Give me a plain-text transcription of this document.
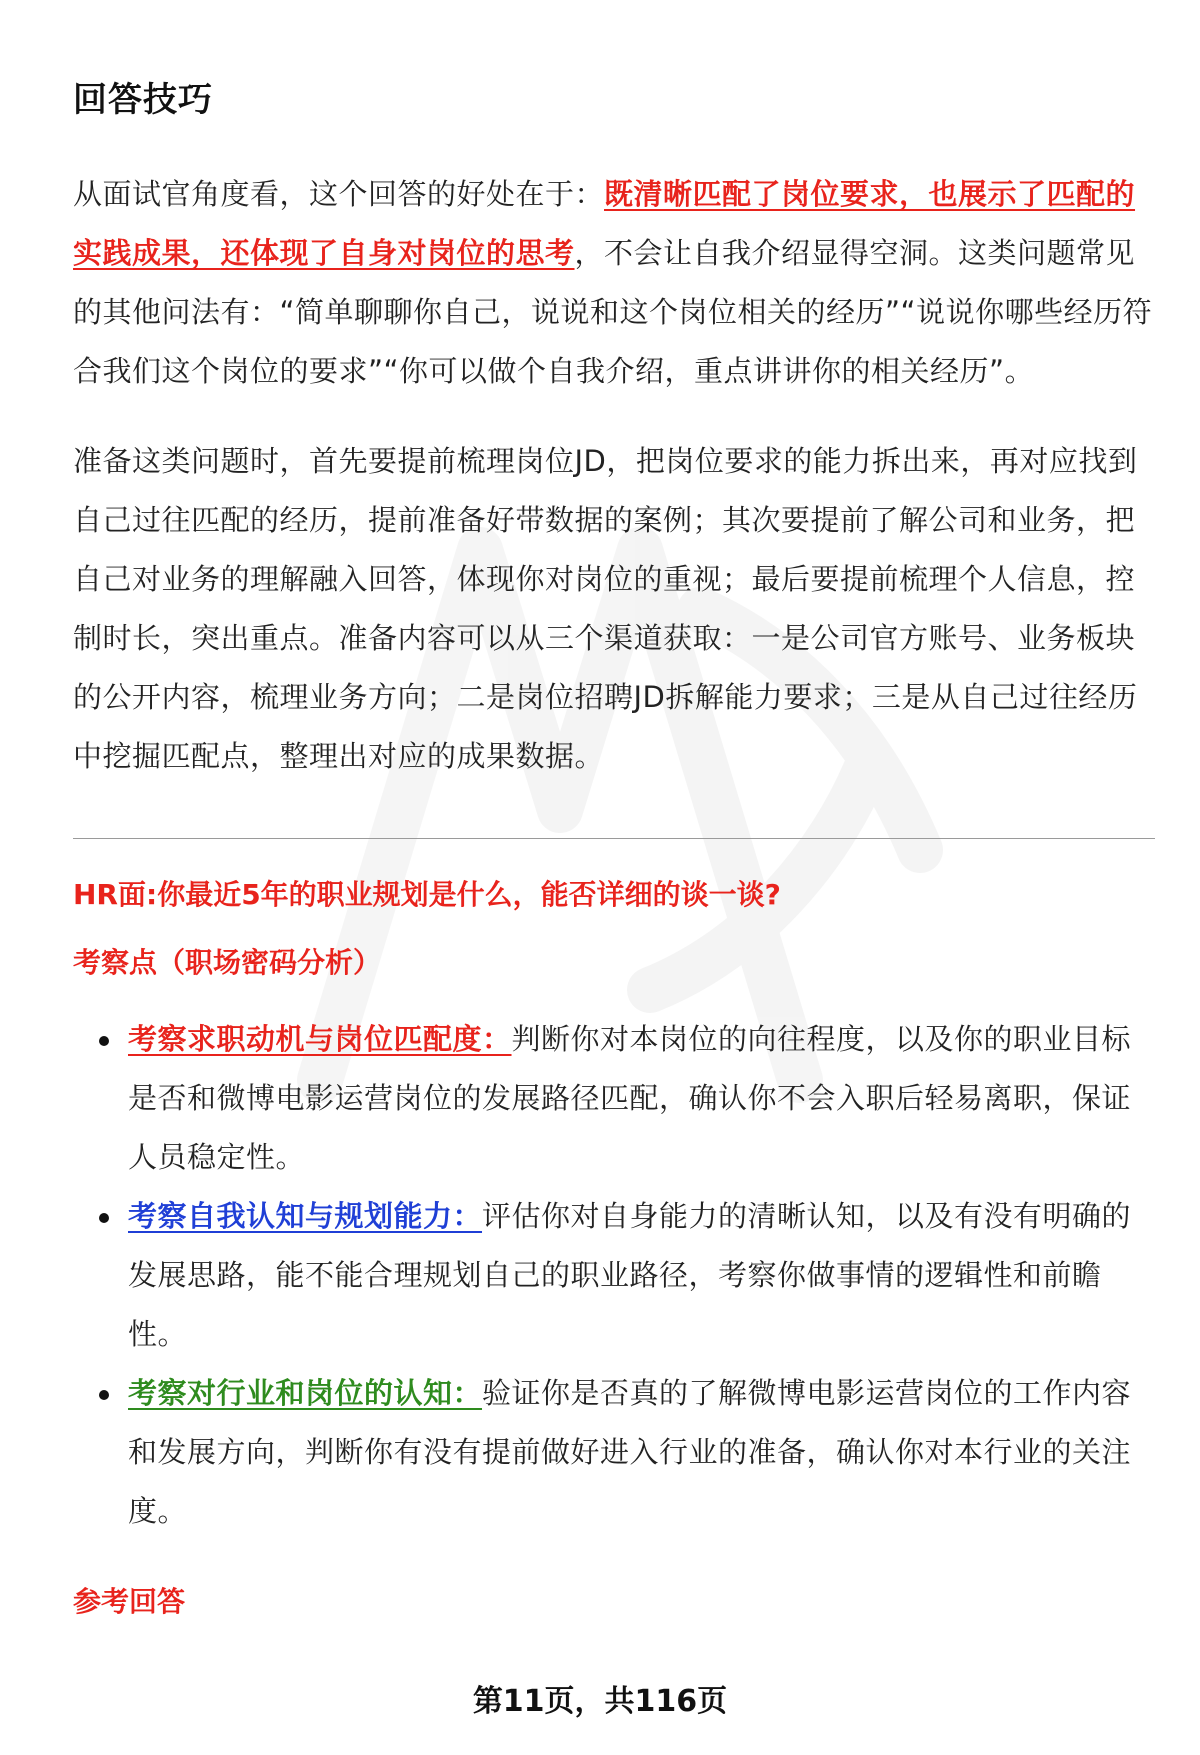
回答技巧

从面试官角度看，这个回答的好处在于：既清晰匹配了岗位要求，也展示了匹配的实践成果，还体现了自身对岗位的思考，不会让自我介绍显得空洞。这类问题常见的其他问法有：“简单聊聊你自己，说说和这个岗位相关的经历”“说说你哪些经历符合我们这个岗位的要求”“你可以做个自我介绍，重点讲讲你的相关经历”。

准备这类问题时，首先要提前梳理岗位JD，把岗位要求的能力拆出来，再对应找到自己过往匹配的经历，提前准备好带数据的案例；其次要提前了解公司和业务，把自己对业务的理解融入回答，体现你对岗位的重视；最后要提前梳理个人信息，控制时长，突出重点。准备内容可以从三个渠道获取：一是公司官方账号、业务板块的公开内容，梳理业务方向；二是岗位招聘JD拆解能力要求；三是从自己过往经历中挖掘匹配点，整理出对应的成果数据。

HR面:你最近5年的职业规划是什么，能否详细的谈一谈?
考察点（职场密码分析）
考察求职动机与岗位匹配度：判断你对本岗位的向往程度，以及你的职业目标是否和微博电影运营岗位的发展路径匹配，确认你不会入职后轻易离职，保证人员稳定性。
考察自我认知与规划能力：评估你对自身能力的清晰认知，以及有没有明确的发展思路，能不能合理规划自己的职业路径，考察你做事情的逻辑性和前瞻性。
考察对行业和岗位的认知：验证你是否真的了解微博电影运营岗位的工作内容和发展方向，判断你有没有提前做好进入行业的准备，确认你对本行业的关注度。
参考回答
第11页，共116页
